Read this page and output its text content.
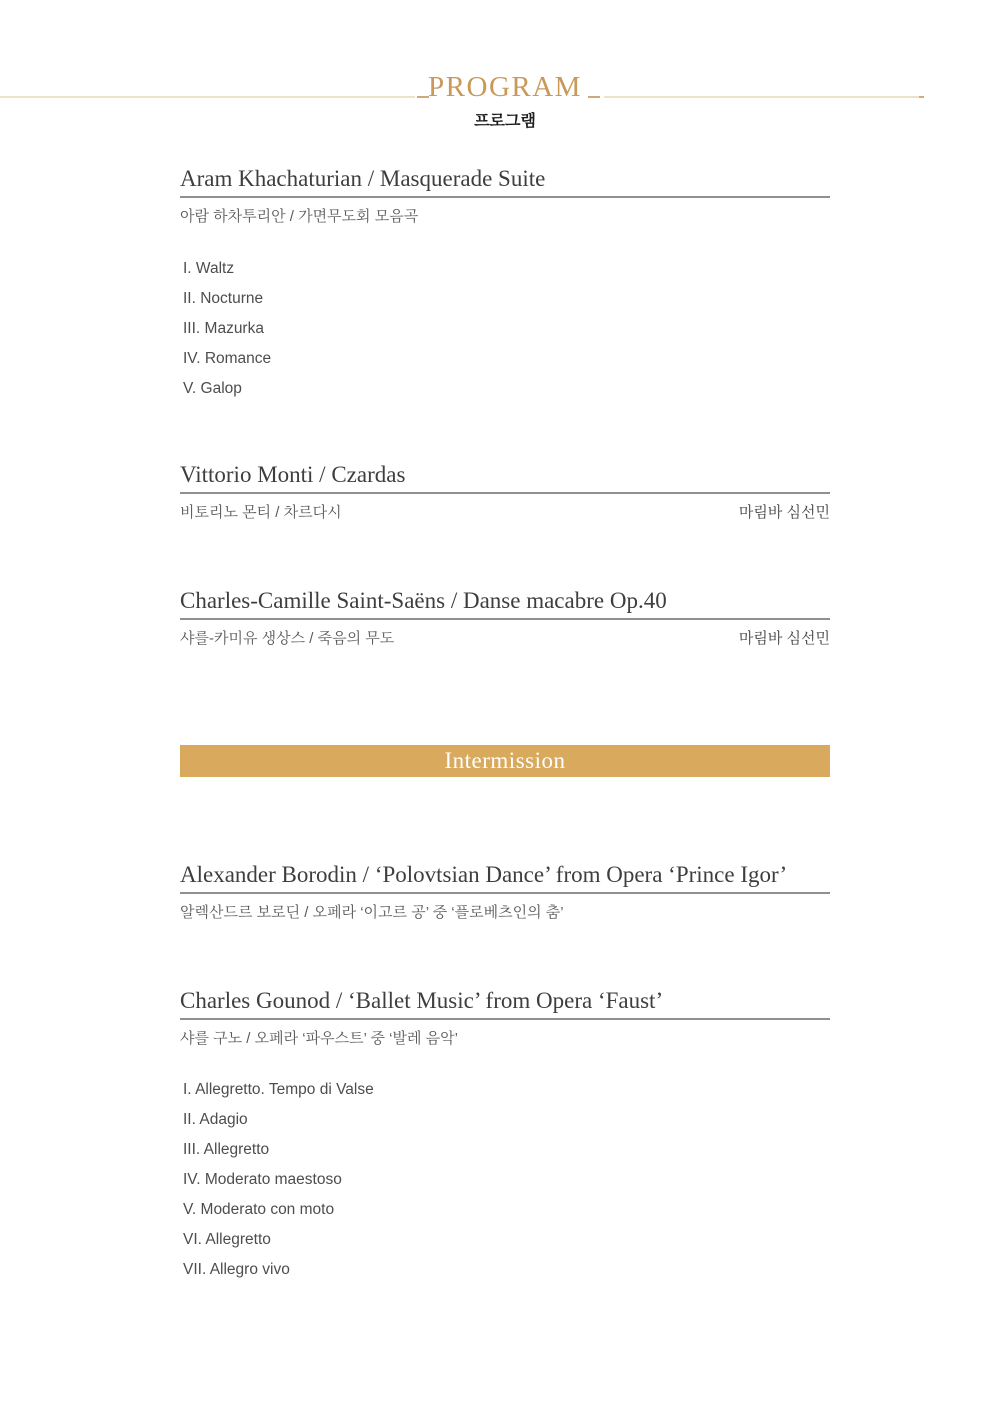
PROGRAM
프로그램
Aram Khachaturian / Masquerade Suite
아람 하차투리안 / 가면무도회 모음곡
I. Waltz
II. Nocturne
III. Mazurka
IV. Romance
V. Galop
Vittorio Monti / Czardas
비토리노 몬티 / 차르다시	마림바 심선민
Charles-Camille Saint-Saëns / Danse macabre Op.40
샤를-카미유 생상스 / 죽음의 무도	마림바 심선민
Intermission
Alexander Borodin / ‘Polovtsian Dance’ from Opera ‘Prince Igor’
알렉산드르 보로딘 / 오페라 ‘이고르 공’ 중 ‘플로베츠인의 춤’
Charles Gounod / ‘Ballet Music’ from Opera ‘Faust’
샤를 구노 / 오페라 ‘파우스트’ 중 ‘발레 음악’
I. Allegretto. Tempo di Valse
II. Adagio
III. Allegretto
IV. Moderato maestoso
V. Moderato con moto
VI. Allegretto
VII. Allegro vivo
